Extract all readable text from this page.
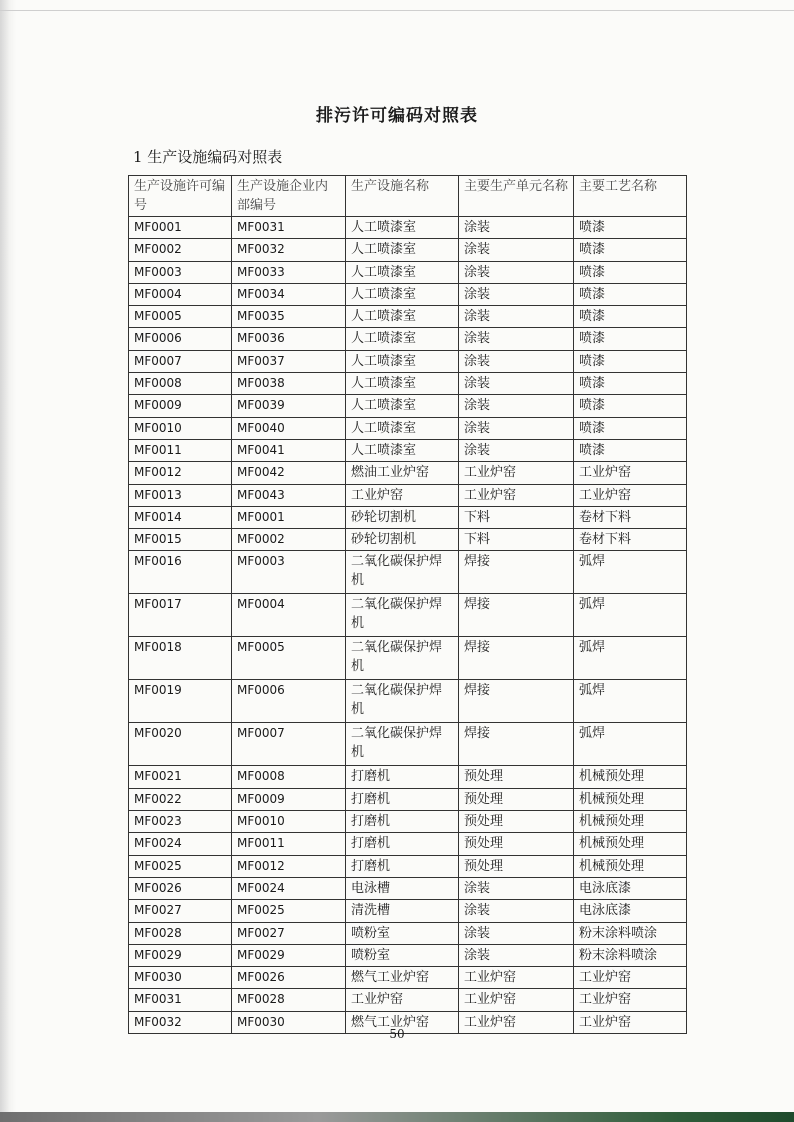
排污许可编码对照表
1 生产设施编码对照表
生产设施许可编号	生产设施企业内部编号	生产设施名称	主要生产单元名称	主要工艺名称
MF0001	MF0031	人工喷漆室	涂装	喷漆
MF0002	MF0032	人工喷漆室	涂装	喷漆
MF0003	MF0033	人工喷漆室	涂装	喷漆
MF0004	MF0034	人工喷漆室	涂装	喷漆
MF0005	MF0035	人工喷漆室	涂装	喷漆
MF0006	MF0036	人工喷漆室	涂装	喷漆
MF0007	MF0037	人工喷漆室	涂装	喷漆
MF0008	MF0038	人工喷漆室	涂装	喷漆
MF0009	MF0039	人工喷漆室	涂装	喷漆
MF0010	MF0040	人工喷漆室	涂装	喷漆
MF0011	MF0041	人工喷漆室	涂装	喷漆
MF0012	MF0042	燃油工业炉窑	工业炉窑	工业炉窑
MF0013	MF0043	工业炉窑	工业炉窑	工业炉窑
MF0014	MF0001	砂轮切割机	下料	卷材下料
MF0015	MF0002	砂轮切割机	下料	卷材下料
MF0016	MF0003	二氧化碳保护焊机	焊接	弧焊
MF0017	MF0004	二氧化碳保护焊机	焊接	弧焊
MF0018	MF0005	二氧化碳保护焊机	焊接	弧焊
MF0019	MF0006	二氧化碳保护焊机	焊接	弧焊
MF0020	MF0007	二氧化碳保护焊机	焊接	弧焊
MF0021	MF0008	打磨机	预处理	机械预处理
MF0022	MF0009	打磨机	预处理	机械预处理
MF0023	MF0010	打磨机	预处理	机械预处理
MF0024	MF0011	打磨机	预处理	机械预处理
MF0025	MF0012	打磨机	预处理	机械预处理
MF0026	MF0024	电泳槽	涂装	电泳底漆
MF0027	MF0025	清洗槽	涂装	电泳底漆
MF0028	MF0027	喷粉室	涂装	粉末涂料喷涂
MF0029	MF0029	喷粉室	涂装	粉末涂料喷涂
MF0030	MF0026	燃气工业炉窑	工业炉窑	工业炉窑
MF0031	MF0028	工业炉窑	工业炉窑	工业炉窑
MF0032	MF0030	燃气工业炉窑	工业炉窑	工业炉窑
50
